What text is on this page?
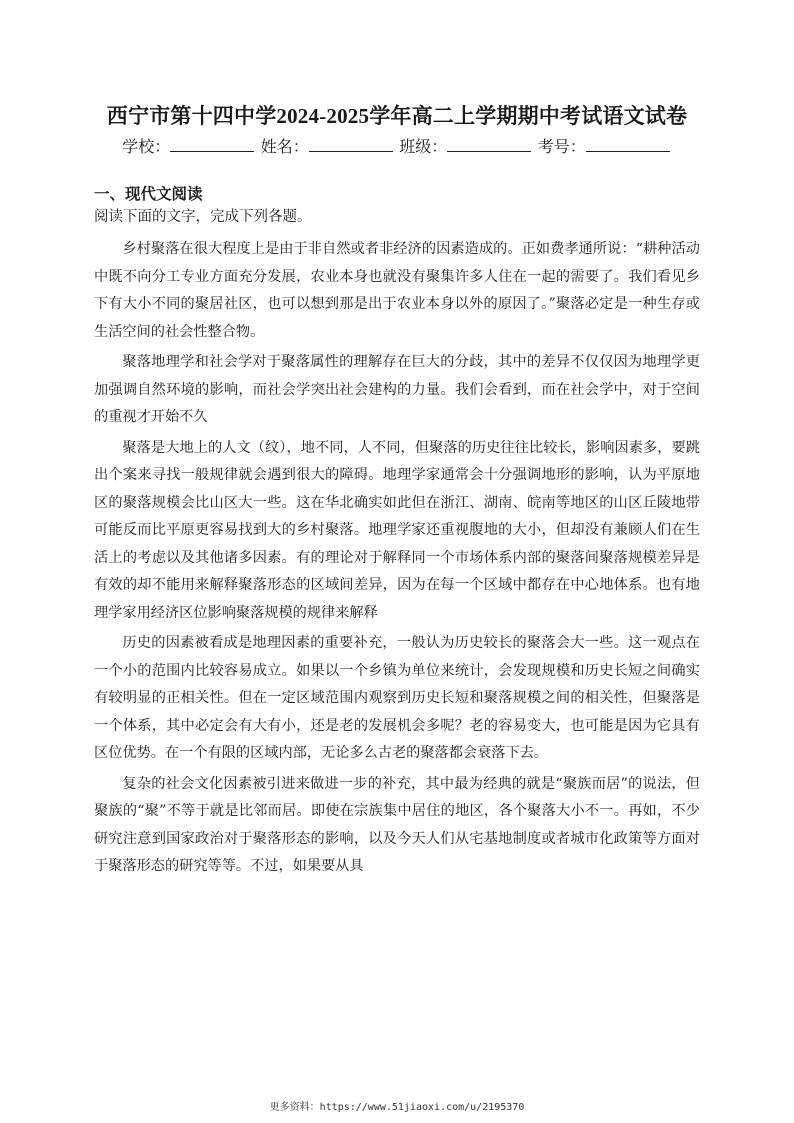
西宁市第十四中学2024-2025学年高二上学期期中考试语文试卷
学校：	姓名：	班级：	考号：
一、现代文阅读
阅读下面的文字，完成下列各题。

乡村聚落在很大程度上是由于非自然或者非经济的因素造成的。正如费孝通所说：“耕种活动中既不向分工专业方面充分发展，农业本身也就没有聚集许多人住在一起的需要了。我们看见乡下有大小不同的聚居社区，也可以想到那是出于农业本身以外的原因了。”聚落必定是一种生存或生活空间的社会性整合物。

聚落地理学和社会学对于聚落属性的理解存在巨大的分歧，其中的差异不仅仅因为地理学更加强调自然环境的影响，而社会学突出社会建构的力量。我们会看到，而在社会学中，对于空间的重视才开始不久

聚落是大地上的人文（纹），地不同，人不同，但聚落的历史往往比较长，影响因素多，要跳出个案来寻找一般规律就会遇到很大的障碍。地理学家通常会十分强调地形的影响，认为平原地区的聚落规模会比山区大一些。这在华北确实如此但在浙江、湖南、皖南等地区的山区丘陵地带可能反而比平原更容易找到大的乡村聚落。地理学家还重视腹地的大小，但却没有兼顾人们在生活上的考虑以及其他诸多因素。有的理论对于解释同一个市场体系内部的聚落间聚落规模差异是有效的却不能用来解释聚落形态的区域间差异，因为在每一个区域中都存在中心地体系。也有地理学家用经济区位影响聚落规模的规律来解释

历史的因素被看成是地理因素的重要补充，一般认为历史较长的聚落会大一些。这一观点在一个小的范围内比较容易成立。如果以一个乡镇为单位来统计，会发现规模和历史长短之间确实有较明显的正相关性。但在一定区域范围内观察到历史长短和聚落规模之间的相关性，但聚落是一个体系，其中必定会有大有小，还是老的发展机会多呢？老的容易变大，也可能是因为它具有区位优势。在一个有限的区域内部，无论多么古老的聚落都会衰落下去。

复杂的社会文化因素被引进来做进一步的补充，其中最为经典的就是“聚族而居”的说法，但聚族的“聚”不等于就是比邻而居。即使在宗族集中居住的地区，各个聚落大小不一。再如，不少研究注意到国家政治对于聚落形态的影响，以及今天人们从宅基地制度或者城市化政策等方面对于聚落形态的研究等等。不过，如果要从具

更多资料：https://www.51jiaoxi.com/u/2195370
